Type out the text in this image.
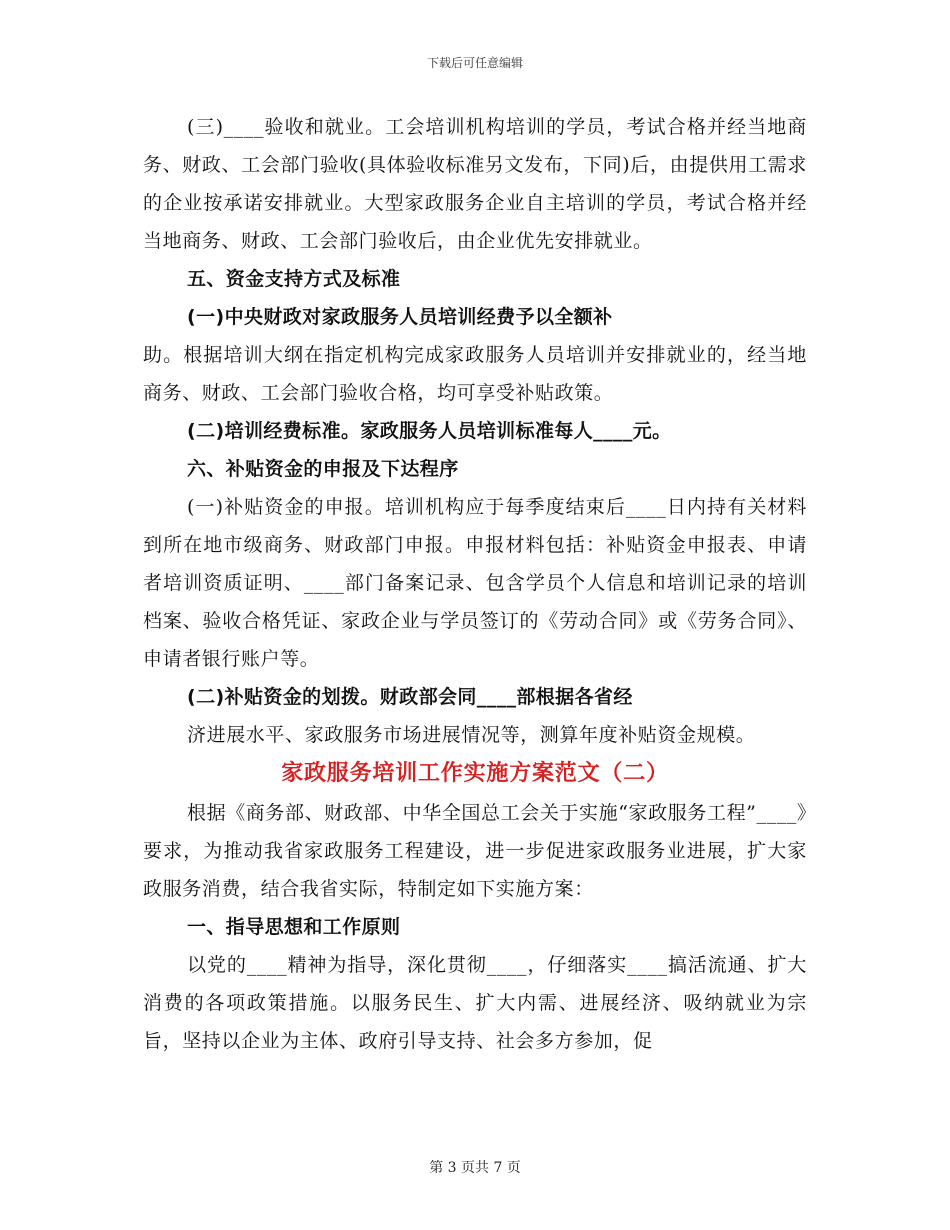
下载后可任意编辑

(三)____验收和就业。工会培训机构培训的学员，考试合格并经当地商务、财政、工会部门验收(具体验收标准另文发布，下同)后，由提供用工需求的企业按承诺安排就业。大型家政服务企业自主培训的学员，考试合格并经当地商务、财政、工会部门验收后，由企业优先安排就业。

五、资金支持方式及标准

(一)中央财政对家政服务人员培训经费予以全额补

助。根据培训大纲在指定机构完成家政服务人员培训并安排就业的，经当地商务、财政、工会部门验收合格，均可享受补贴政策。

(二)培训经费标准。家政服务人员培训标准每人____元。

六、补贴资金的申报及下达程序

(一)补贴资金的申报。培训机构应于每季度结束后____日内持有关材料到所在地市级商务、财政部门申报。申报材料包括：补贴资金申报表、申请者培训资质证明、____部门备案记录、包含学员个人信息和培训记录的培训档案、验收合格凭证、家政企业与学员签订的《劳动合同》或《劳务合同》、申请者银行账户等。

(二)补贴资金的划拨。财政部会同____部根据各省经

济进展水平、家政服务市场进展情况等，测算年度补贴资金规模。

家政服务培训工作实施方案范文（二）

根据《商务部、财政部、中华全国总工会关于实施“家政服务工程”____》要求，为推动我省家政服务工程建设，进一步促进家政服务业进展，扩大家政服务消费，结合我省实际，特制定如下实施方案：

一、指导思想和工作原则

以党的____精神为指导，深化贯彻____，仔细落实____搞活流通、扩大消费的各项政策措施。以服务民生、扩大内需、进展经济、吸纳就业为宗旨，坚持以企业为主体、政府引导支持、社会多方参加，促

第 3 页共 7 页
